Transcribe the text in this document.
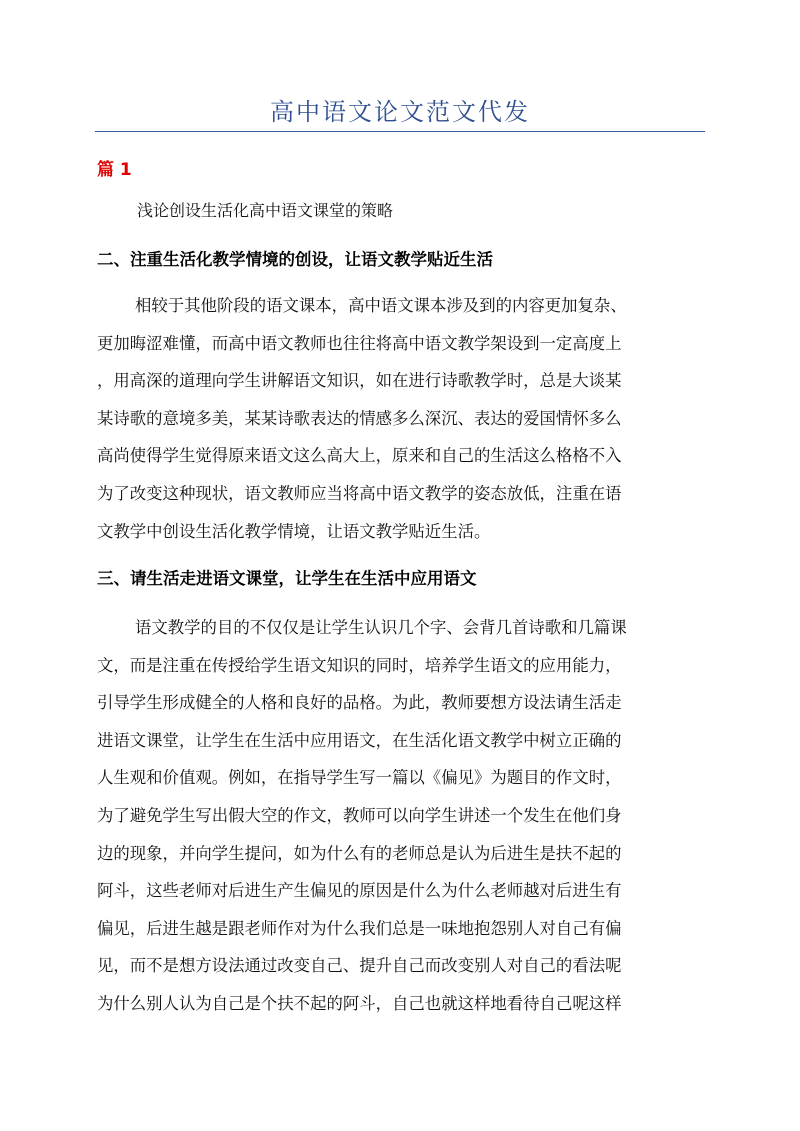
高中语文论文范文代发
篇 1
浅论创设生活化高中语文课堂的策略
二、注重生活化教学情境的创设，让语文教学贴近生活
相较于其他阶段的语文课本，高中语文课本涉及到的内容更加复杂、
更加晦涩难懂，而高中语文教师也往往将高中语文教学架设到一定高度上
，用高深的道理向学生讲解语文知识，如在进行诗歌教学时，总是大谈某
某诗歌的意境多美，某某诗歌表达的情感多么深沉、表达的爱国情怀多么
高尚使得学生觉得原来语文这么高大上，原来和自己的生活这么格格不入
为了改变这种现状，语文教师应当将高中语文教学的姿态放低，注重在语
文教学中创设生活化教学情境，让语文教学贴近生活。
三、请生活走进语文课堂，让学生在生活中应用语文
语文教学的目的不仅仅是让学生认识几个字、会背几首诗歌和几篇课
文，而是注重在传授给学生语文知识的同时，培养学生语文的应用能力，
引导学生形成健全的人格和良好的品格。为此，教师要想方设法请生活走
进语文课堂，让学生在生活中应用语文，在生活化语文教学中树立正确的
人生观和价值观。例如，在指导学生写一篇以《偏见》为题目的作文时，
为了避免学生写出假大空的作文，教师可以向学生讲述一个发生在他们身
边的现象，并向学生提问，如为什么有的老师总是认为后进生是扶不起的
阿斗，这些老师对后进生产生偏见的原因是什么为什么老师越对后进生有
偏见，后进生越是跟老师作对为什么我们总是一味地抱怨别人对自己有偏
见，而不是想方设法通过改变自己、提升自己而改变别人对自己的看法呢
为什么别人认为自己是个扶不起的阿斗，自己也就这样地看待自己呢这样
